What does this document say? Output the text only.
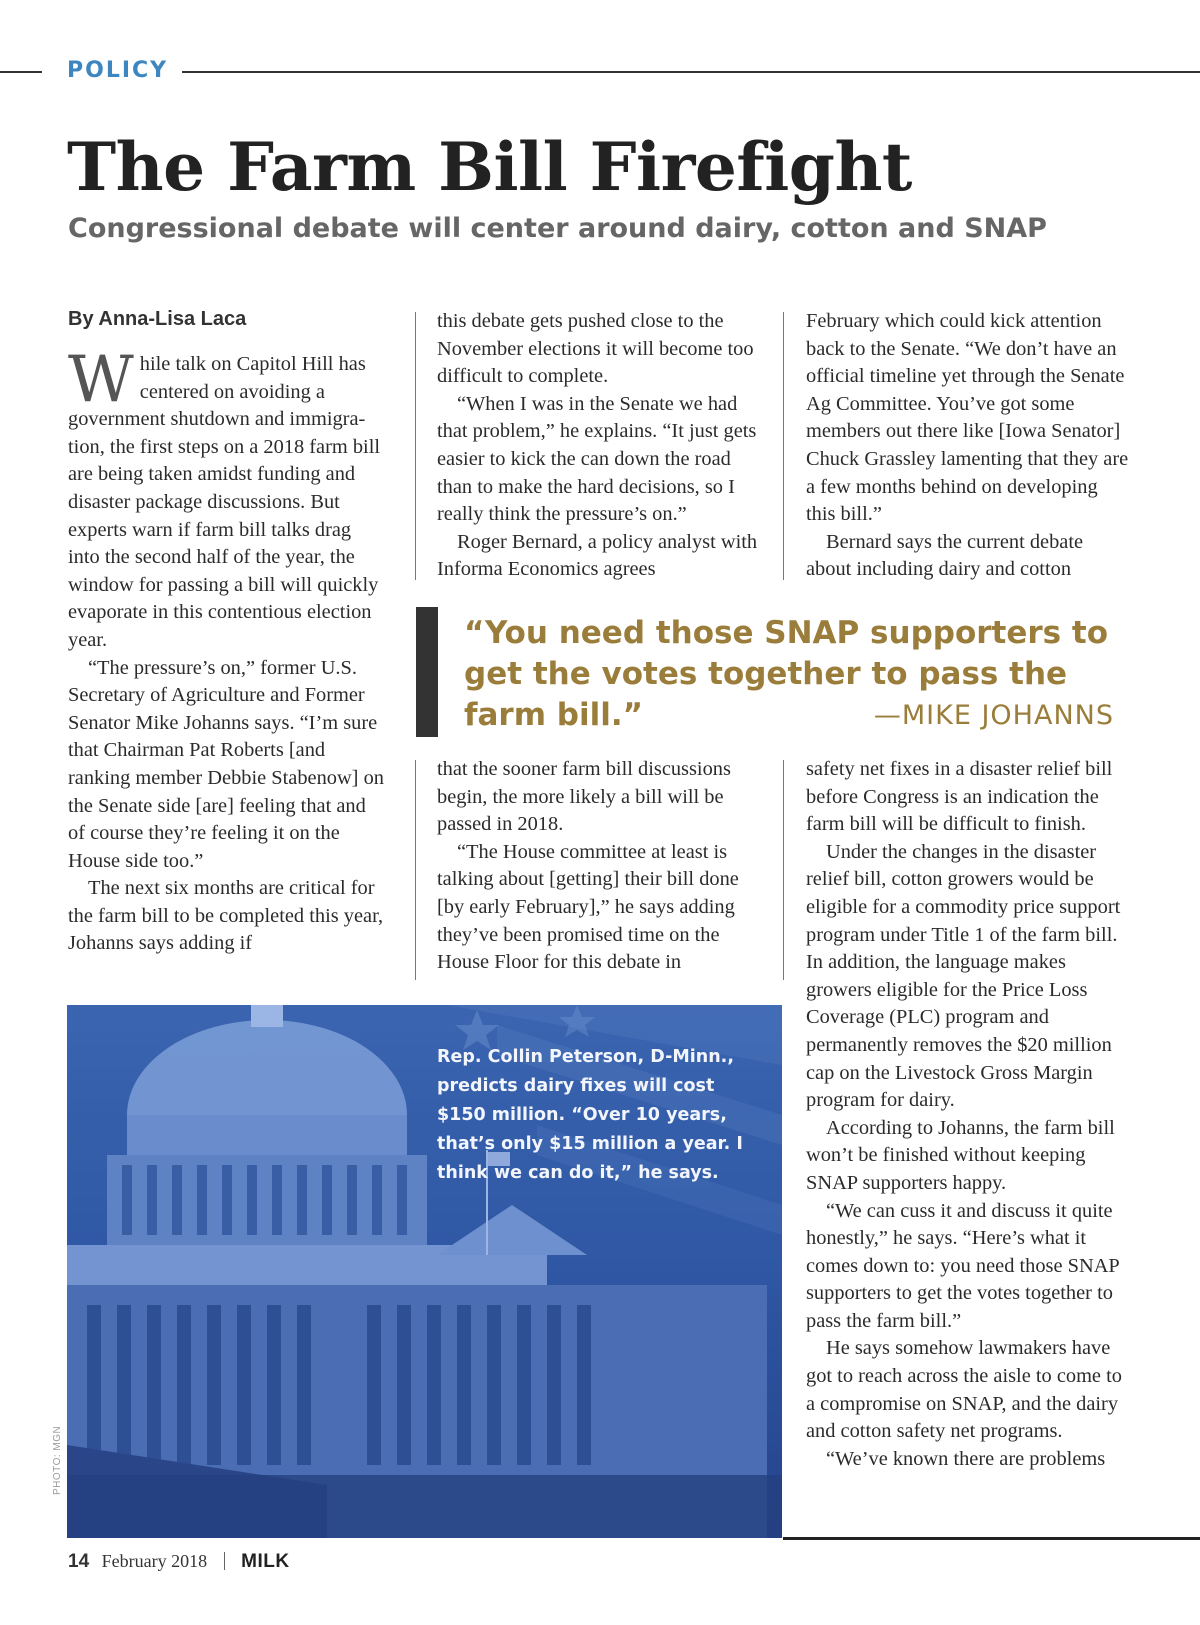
POLICY
The Farm Bill Firefight
Congressional debate will center around dairy, cotton and SNAP
By Anna-Lisa Laca

While talk on Capitol Hill has centered on avoiding a government shutdown and immigra-tion, the first steps on a 2018 farm bill are being taken amidst funding and disaster package discussions. But experts warn if farm bill talks drag into the second half of the year, the window for passing a bill will quickly evaporate in this contentious election year.

“The pressure’s on,” former U.S. Secretary of Agriculture and Former Senator Mike Johanns says. “I’m sure that Chairman Pat Roberts [and ranking member Debbie Stabenow] on the Senate side [are] feeling that and of course they’re feeling it on the House side too.”

The next six months are critical for the farm bill to be completed this year, Johanns says adding if

this debate gets pushed close to the November elections it will become too difficult to complete.

“When I was in the Senate we had that problem,” he explains. “It just gets easier to kick the can down the road than to make the hard decisions, so I really think the pressure’s on.”

Roger Bernard, a policy analyst with Informa Economics agrees

February which could kick attention back to the Senate. “We don’t have an official timeline yet through the Senate Ag Committee. You’ve got some members out there like [Iowa Senator] Chuck Grassley lamenting that they are a few months behind on developing this bill.”

Bernard says the current debate about including dairy and cotton

“You need those SNAP supporters to get the votes together to pass the farm bill.”	—MIKE JOHANNS

that the sooner farm bill discussions begin, the more likely a bill will be passed in 2018.

“The House committee at least is talking about [getting] their bill done [by early February],” he says adding they’ve been promised time on the House Floor for this debate in

safety net fixes in a disaster relief bill before Congress is an indication the farm bill will be difficult to finish.

Under the changes in the disaster relief bill, cotton growers would be eligible for a commodity price support program under Title 1 of the farm bill. In addition, the language makes growers eligible for the Price Loss Coverage (PLC) program and permanently removes the $20 million cap on the Livestock Gross Margin program for dairy.

According to Johanns, the farm bill won’t be finished without keeping SNAP supporters happy.

“We can cuss it and discuss it quite honestly,” he says. “Here’s what it comes down to: you need those SNAP supporters to get the votes together to pass the farm bill.”

He says somehow lawmakers have got to reach across the aisle to come to a compromise on SNAP, and the dairy and cotton safety net programs.

“We’ve known there are problems

Rep. Collin Peterson, D-Minn., predicts dairy fixes will cost $150 million. “Over 10 years, that’s only $15 million a year. I think we can do it,” he says.
PHOTO: MGN
14 February 2018 MILK
